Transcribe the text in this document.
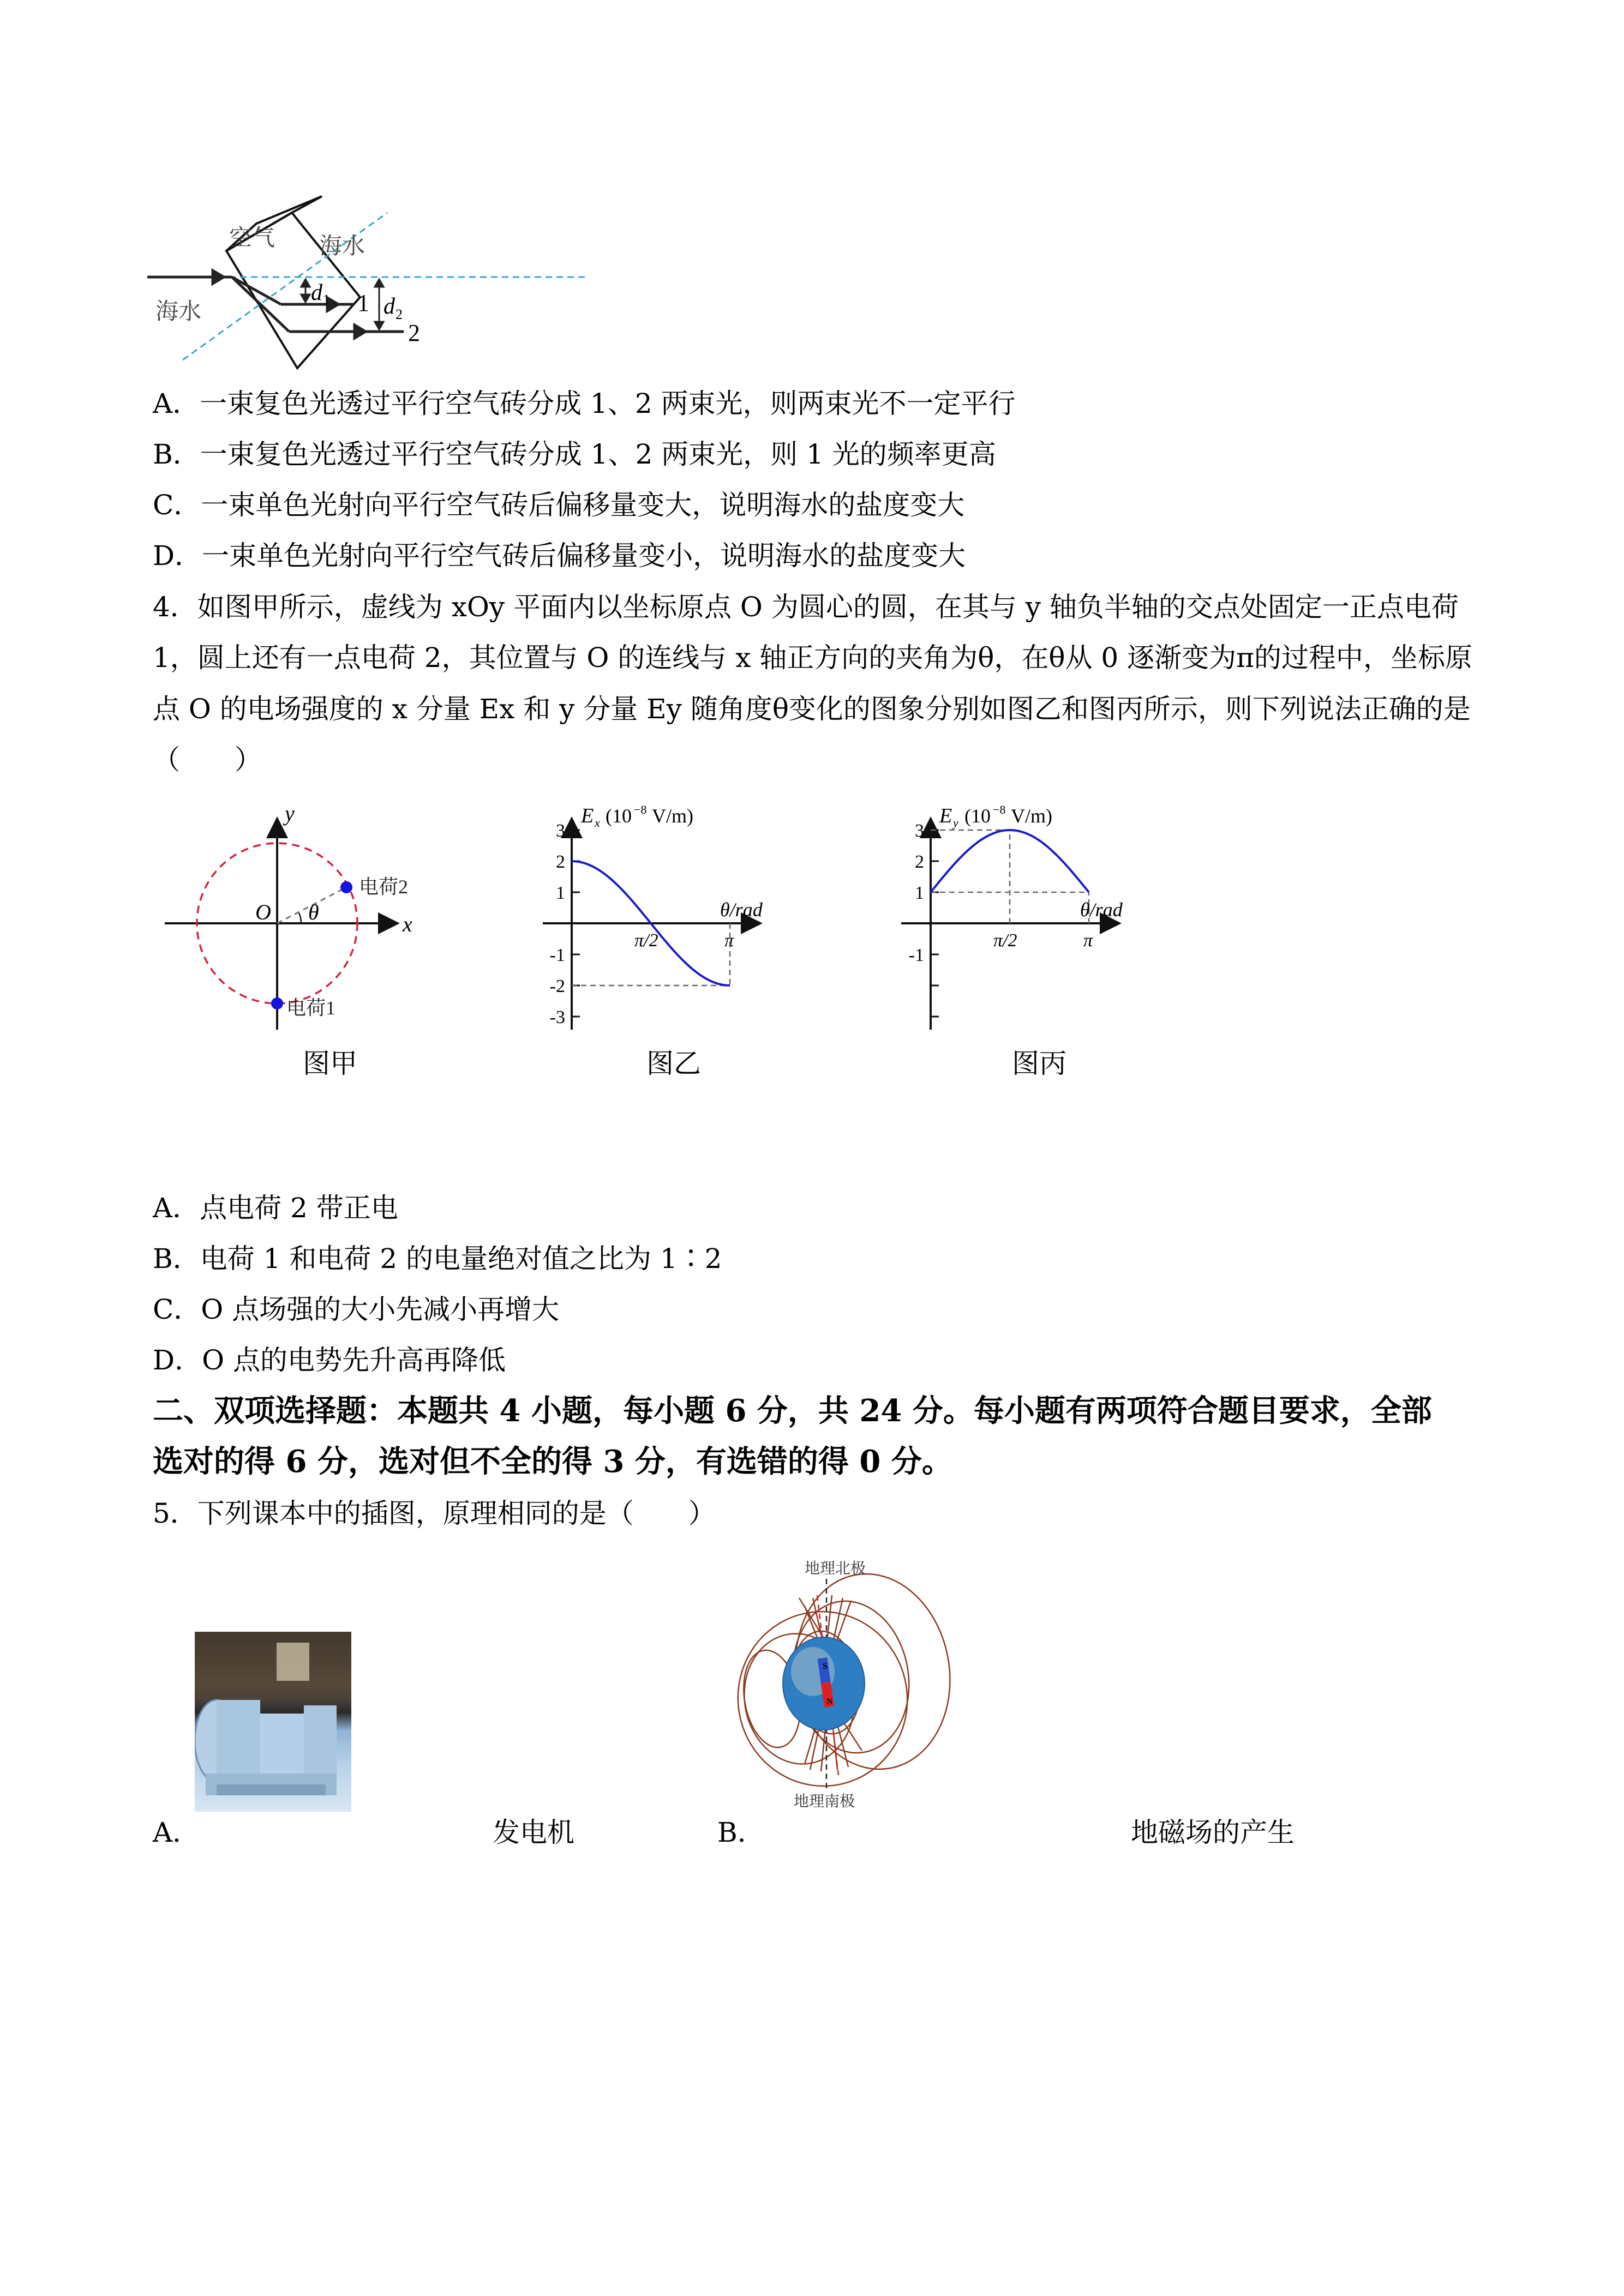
空气 海水
海水
d 1 d 2
1
2
A．一束复色光透过平行空气砖分成 1、2 两束光，则两束光不一定平行
B．一束复色光透过平行空气砖分成 1、2 两束光，则 1 光的频率更高
C．一束单色光射向平行空气砖后偏移量变大，说明海水的盐度变大
D．一束单色光射向平行空气砖后偏移量变小，说明海水的盐度变大
4．如图甲所示，虚线为 xOy 平面内以坐标原点 O 为圆心的圆，在其与 y 轴负半轴的交点处固定一正点电荷
1，圆上还有一点电荷 2，其位置与 O 的连线与 x 轴正方向的夹角为θ，在θ从 0 逐渐变为π的过程中，坐标原
点 O 的电场强度的 x 分量 Ex 和 y 分量 Ey 随角度θ变化的图象分别如图乙和图丙所示，则下列说法正确的是
（　　）
y
x
O θ
电荷2
电荷1
图甲
3
2
1
-1
-2
-3
π/2	π
E x (10 −8 V/m)
θ/rad
图乙
3
2
1
-1
π/2	π
E y (10 −8 V/m)
θ/rad
图丙
A．点电荷 2 带正电
B．电荷 1 和电荷 2 的电量绝对值之比为 1∶2
C．O 点场强的大小先减小再增大
D．O 点的电势先升高再降低
二、双项选择题：本题共 4 小题，每小题 6 分，共 24 分。每小题有两项符合题目要求，全部
选对的得 6 分，选对但不全的得 3 分，有选错的得 0 分。
5．下列课本中的插图，原理相同的是（　　）
A．	发电机	B．
S
N
地理北极
地理南极
地磁场的产生
